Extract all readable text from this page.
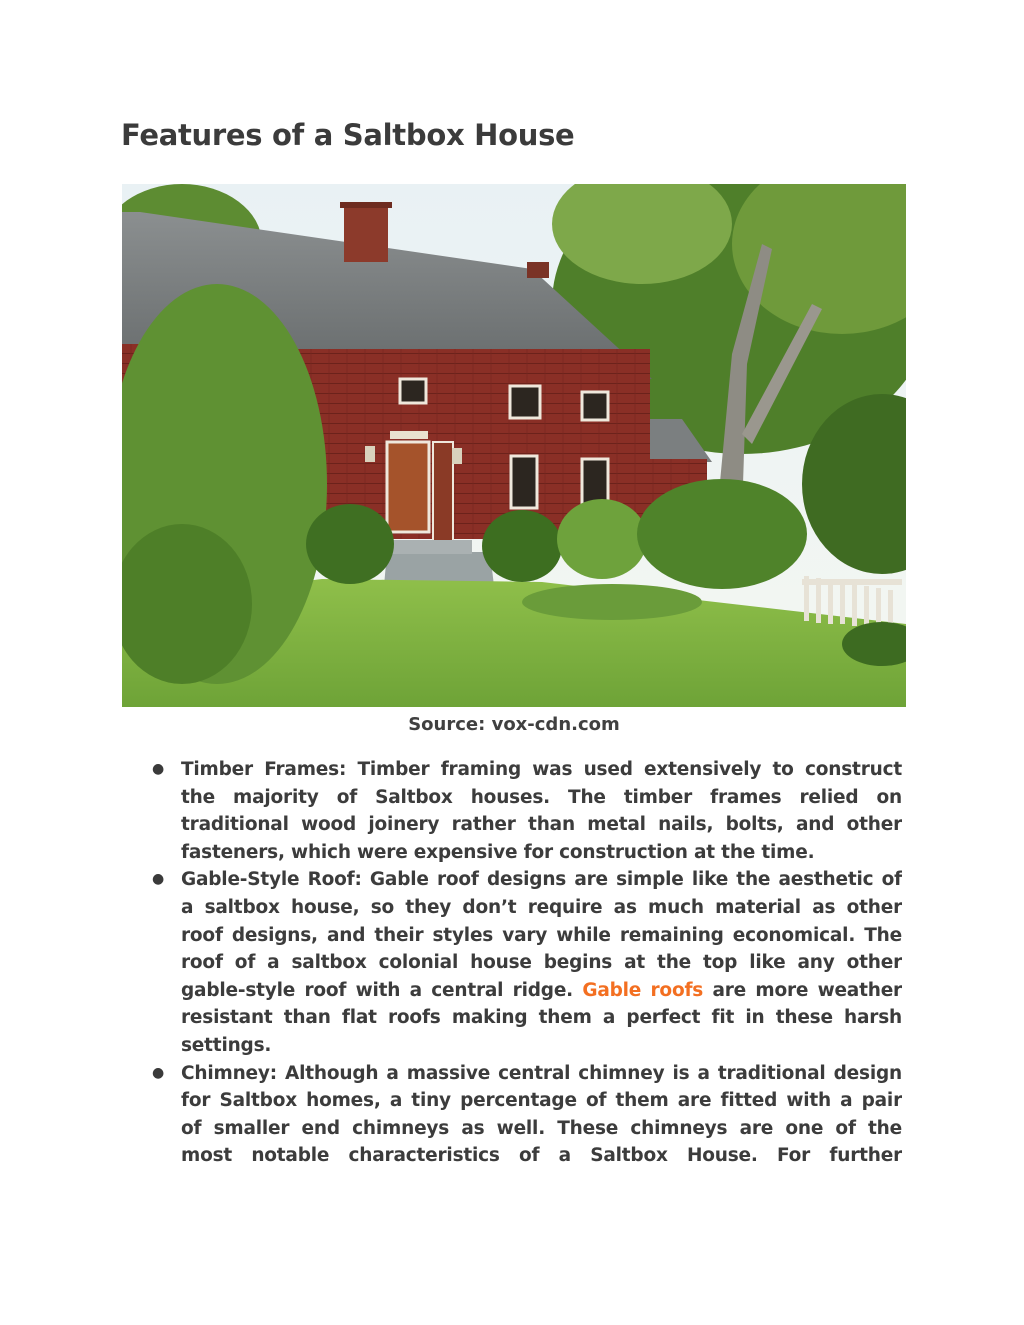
Features of a Saltbox House
Source: vox-cdn.com
● Timber Frames: Timber framing was used extensively to construct
the majority of Saltbox houses. The timber frames relied on
traditional wood joinery rather than metal nails, bolts, and other
fasteners, which were expensive for construction at the time.
● Gable-Style Roof: Gable roof designs are simple like the aesthetic of
a saltbox house, so they don’t require as much material as other
roof designs, and their styles vary while remaining economical. The
roof of a saltbox colonial house begins at the top like any other
gable-style roof with a central ridge. Gable roofs are more weather
resistant than flat roofs making them a perfect fit in these harsh
settings.
● Chimney: Although a massive central chimney is a traditional design
for Saltbox homes, a tiny percentage of them are fitted with a pair
of smaller end chimneys as well. These chimneys are one of the
most notable characteristics of a Saltbox House. For further
